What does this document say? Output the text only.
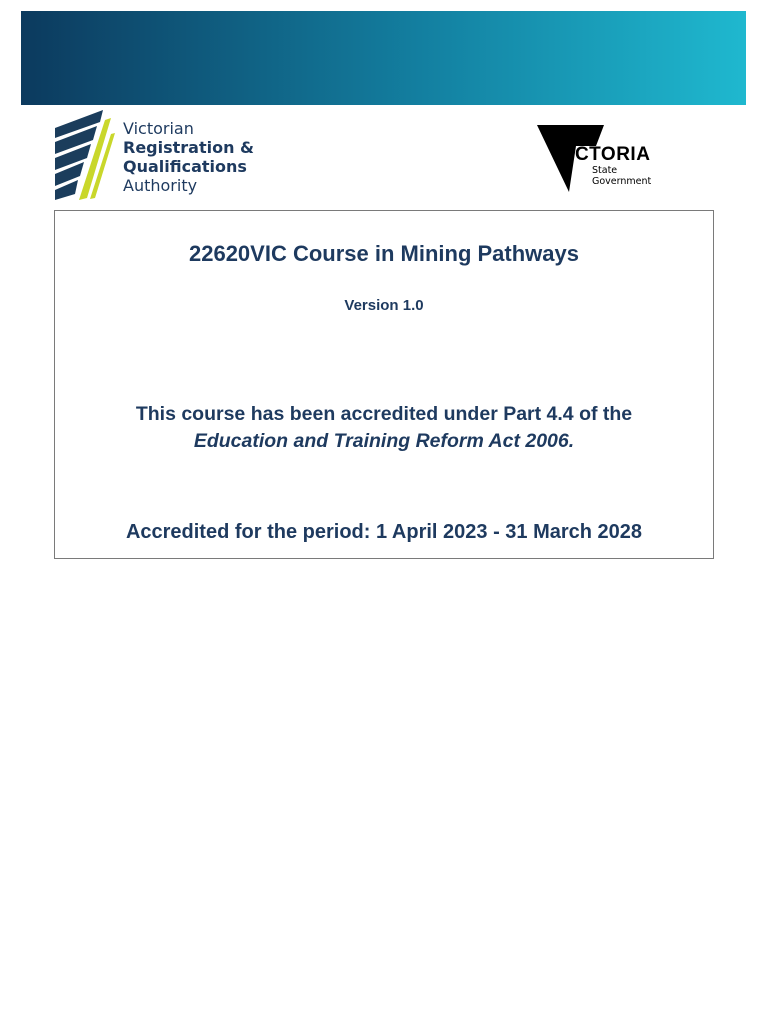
Victorian
Registration &
Qualifications
Authority
VICTORIA
State
Government
22620VIC Course in Mining Pathways
Version 1.0
This course has been accredited under Part 4.4 of the
Education and Training Reform Act 2006.
Accredited for the period: 1 April 2023 - 31 March 2028
